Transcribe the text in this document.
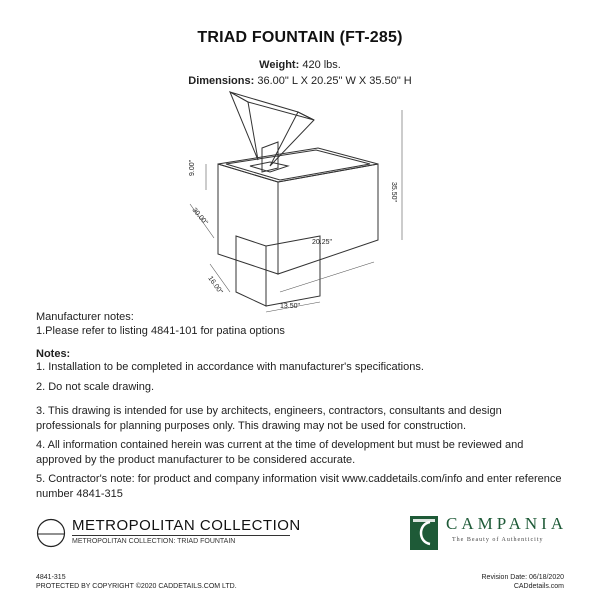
TRIAD FOUNTAIN (FT-285)
Weight: 420 lbs.
Dimensions: 36.00" L X 20.25" W X 35.50" H
9.00"
35.50"
30.00"
20.25"
16.00"
13.50"
Manufacturer notes:
1.Please refer to listing 4841-101 for patina options
Notes:
1. Installation to be completed in accordance with manufacturer's specifications.
2. Do not scale drawing.
3. This drawing is intended for use by architects, engineers, contractors, consultants and design professionals for planning purposes only. This drawing may not be used for construction.
4. All information contained herein was current at the time of development but must be reviewed and approved by the product manufacturer to be considered accurate.
5. Contractor's note: for product and company information visit www.caddetails.com/info and enter reference number 4841-315
METROPOLITAN COLLECTION
METROPOLITAN COLLECTION: TRIAD FOUNTAIN
CAMPANIA
The Beauty of Authenticity
4841-315
PROTECTED BY COPYRIGHT ©2020 CADDETAILS.COM LTD.
Revision Date: 06/18/2020
CADdetails.com
